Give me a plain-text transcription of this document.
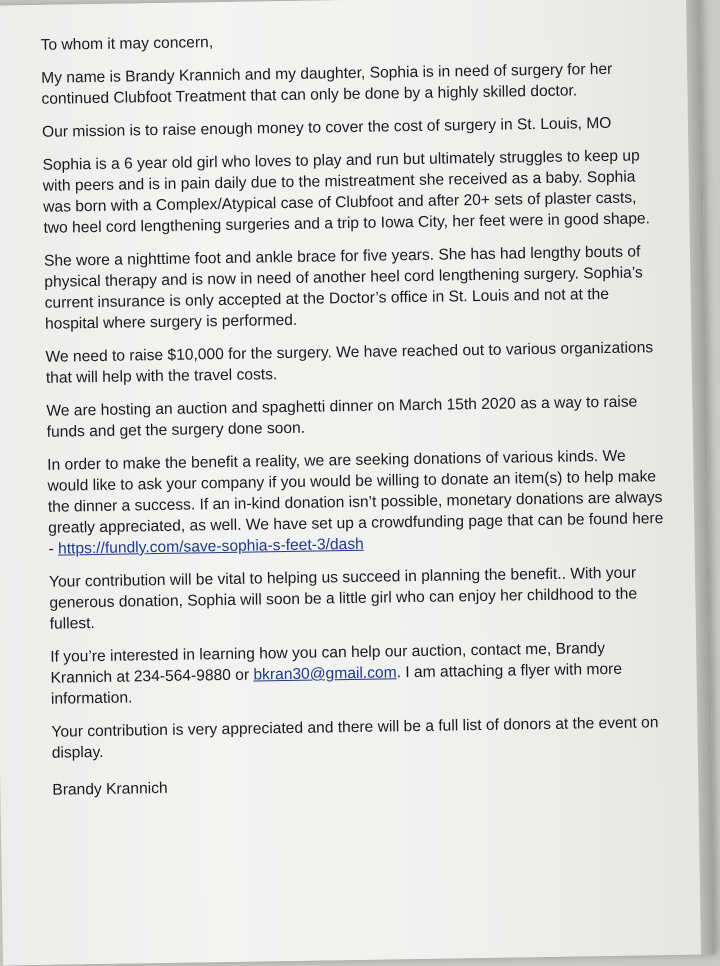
To whom it may concern,

My name is Brandy Krannich and my daughter, Sophia is in need of surgery for her continued Clubfoot Treatment that can only be done by a highly skilled doctor.

Our mission is to raise enough money to cover the cost of surgery in St. Louis, MO

Sophia is a 6 year old girl who loves to play and run but ultimately struggles to keep up with peers and is in pain daily due to the mistreatment she received as a baby. Sophia was born with a Complex/Atypical case of Clubfoot and after 20+ sets of plaster casts, two heel cord lengthening surgeries and a trip to Iowa City, her feet were in good shape.

She wore a nighttime foot and ankle brace for five years. She has had lengthy bouts of physical therapy and is now in need of another heel cord lengthening surgery. Sophia’s current insurance is only accepted at the Doctor’s office in St. Louis and not at the hospital where surgery is performed.

We need to raise $10,000 for the surgery. We have reached out to various organizations that will help with the travel costs.

We are hosting an auction and spaghetti dinner on March 15th 2020 as a way to raise funds and get the surgery done soon.

In order to make the benefit a reality, we are seeking donations of various kinds. We would like to ask your company if you would be willing to donate an item(s) to help make the dinner a success. If an in-kind donation isn’t possible, monetary donations are always greatly appreciated, as well. We have set up a crowdfunding page that can be found here - https://fundly.com/save-sophia-s-feet-3/dash

Your contribution will be vital to helping us succeed in planning the benefit.. With your generous donation, Sophia will soon be a little girl who can enjoy her childhood to the fullest.

If you’re interested in learning how you can help our auction, contact me, Brandy Krannich at 234-564-9880 or bkran30@gmail.com. I am attaching a flyer with more information.

Your contribution is very appreciated and there will be a full list of donors at the event on display.

Brandy Krannich
